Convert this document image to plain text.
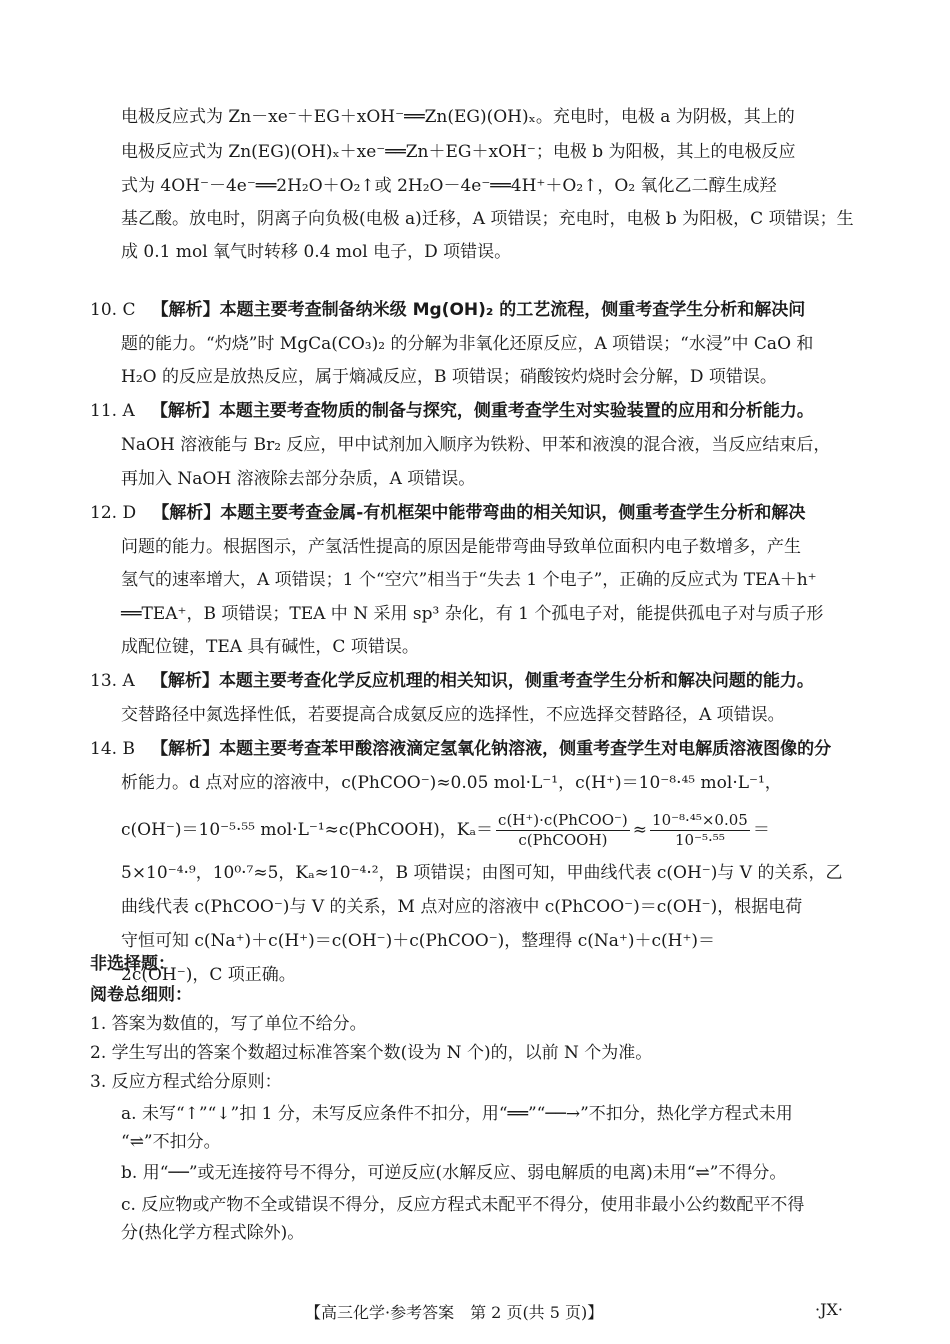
电极反应式为 Zn－xe⁻＋EG＋xOH⁻══Zn(EG)(OH)ₓ。充电时，电极 a 为阴极，其上的
电极反应式为 Zn(EG)(OH)ₓ＋xe⁻══Zn＋EG＋xOH⁻；电极 b 为阳极，其上的电极反应
式为 4OH⁻－4e⁻══2H₂O＋O₂↑或 2H₂O－4e⁻══4H⁺＋O₂↑，O₂ 氧化乙二醇生成羟
基乙酸。放电时，阴离子向负极(电极 a)迁移，A 项错误；充电时，电极 b 为阳极，C 项错误；生
成 0.1 mol 氧气时转移 0.4 mol 电子，D 项错误。
10. C 【解析】本题主要考查制备纳米级 Mg(OH)₂ 的工艺流程，侧重考查学生分析和解决问
题的能力。“灼烧”时 MgCa(CO₃)₂ 的分解为非氧化还原反应，A 项错误；“水浸”中 CaO 和
H₂O 的反应是放热反应，属于熵减反应，B 项错误；硝酸铵灼烧时会分解，D 项错误。
11. A 【解析】本题主要考查物质的制备与探究，侧重考查学生对实验装置的应用和分析能力。
NaOH 溶液能与 Br₂ 反应，甲中试剂加入顺序为铁粉、甲苯和液溴的混合液，当反应结束后，
再加入 NaOH 溶液除去部分杂质，A 项错误。
12. D 【解析】本题主要考查金属-有机框架中能带弯曲的相关知识，侧重考查学生分析和解决
问题的能力。根据图示，产氢活性提高的原因是能带弯曲导致单位面积内电子数增多，产生
氢气的速率增大，A 项错误；1 个“空穴”相当于“失去 1 个电子”，正确的反应式为 TEA＋h⁺
══TEA⁺，B 项错误；TEA 中 N 采用 sp³ 杂化，有 1 个孤电子对，能提供孤电子对与质子形
成配位键，TEA 具有碱性，C 项错误。
13. A 【解析】本题主要考查化学反应机理的相关知识，侧重考查学生分析和解决问题的能力。
交替路径中氮选择性低，若要提高合成氨反应的选择性，不应选择交替路径，A 项错误。
14. B 【解析】本题主要考查苯甲酸溶液滴定氢氧化钠溶液，侧重考查学生对电解质溶液图像的分
析能力。d 点对应的溶液中，c(PhCOO⁻)≈0.05 mol·L⁻¹，c(H⁺)＝10⁻⁸·⁴⁵ mol·L⁻¹，
c(OH⁻)＝10⁻⁵·⁵⁵ mol·L⁻¹≈c(PhCOOH)，Kₐ＝ c(H⁺)·c(PhCOO⁻)
c(PhCOOH)	≈ $\frac{\text{10⁻⁸·⁴⁵×0.05}}{\text{10⁻⁵·⁵⁵}}$ ＝
5×10⁻⁴·⁹，10⁰·⁷≈5，Kₐ≈10⁻⁴·²，B 项错误；由图可知，甲曲线代表 c(OH⁻)与 V 的关系，乙
曲线代表 c(PhCOO⁻)与 V 的关系，M 点对应的溶液中 c(PhCOO⁻)＝c(OH⁻)，根据电荷
守恒可知 c(Na⁺)＋c(H⁺)＝c(OH⁻)＋c(PhCOO⁻)，整理得 c(Na⁺)＋c(H⁺)＝
2c(OH⁻)，C 项正确。
非选择题：
阅卷总细则：
1. 答案为数值的，写了单位不给分。
2. 学生写出的答案个数超过标准答案个数(设为 N 个)的，以前 N 个为准。
3. 反应方程式给分原则：
a. 未写“↑”“↓”扣 1 分，未写反应条件不扣分，用“══”“──→”不扣分，热化学方程式未用
“⇌”不扣分。
b. 用“──”或无连接符号不得分，可逆反应(水解反应、弱电解质的电离)未用“⇌”不得分。
c. 反应物或产物不全或错误不得分，反应方程式未配平不得分，使用非最小公约数配平不得
分(热化学方程式除外)。
【高三化学·参考答案　第 2 页(共 5 页)】	·JX·
